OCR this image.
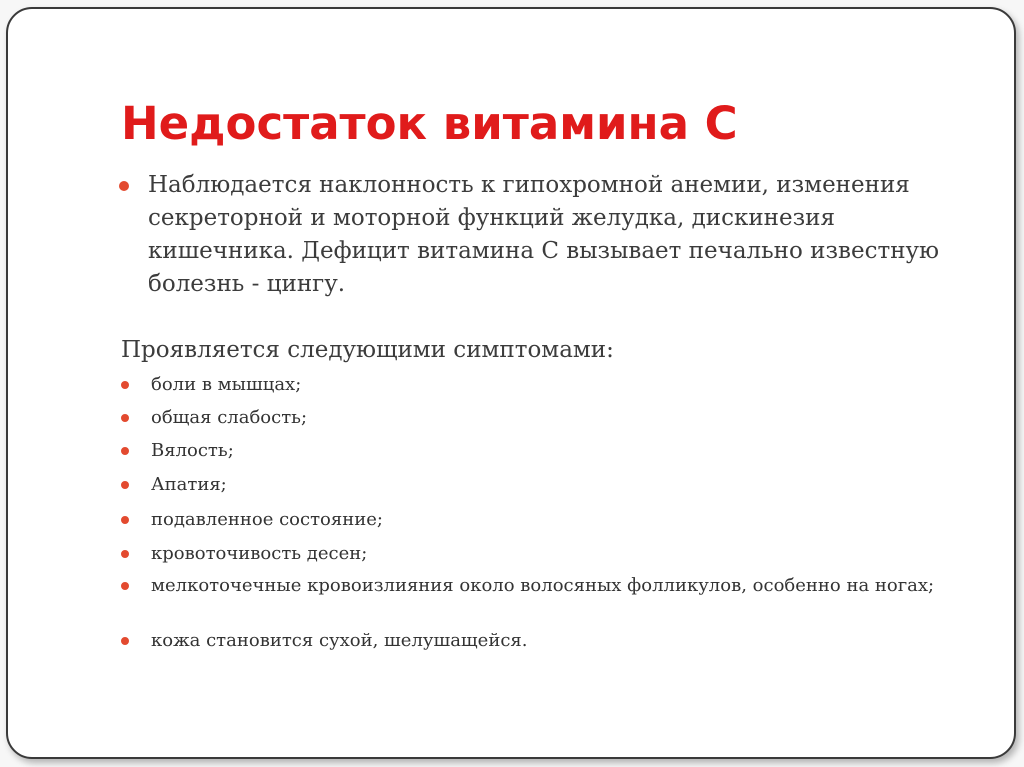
Недостаток витамина С
Наблюдается наклонность к гипохромной анемии, изменения секреторной и моторной функций желудка, дискинезия кишечника. Дефицит витамина С вызывает печально известную болезнь - цингу.
Проявляется следующими симптомами:
боли в мышцах;
общая слабость;
Вялость;
Апатия;
подавленное состояние;
кровоточивость десен;
мелкоточечные кровоизлияния около волосяных фолликулов, особенно на ногах;
кожа становится сухой, шелушащейся.
